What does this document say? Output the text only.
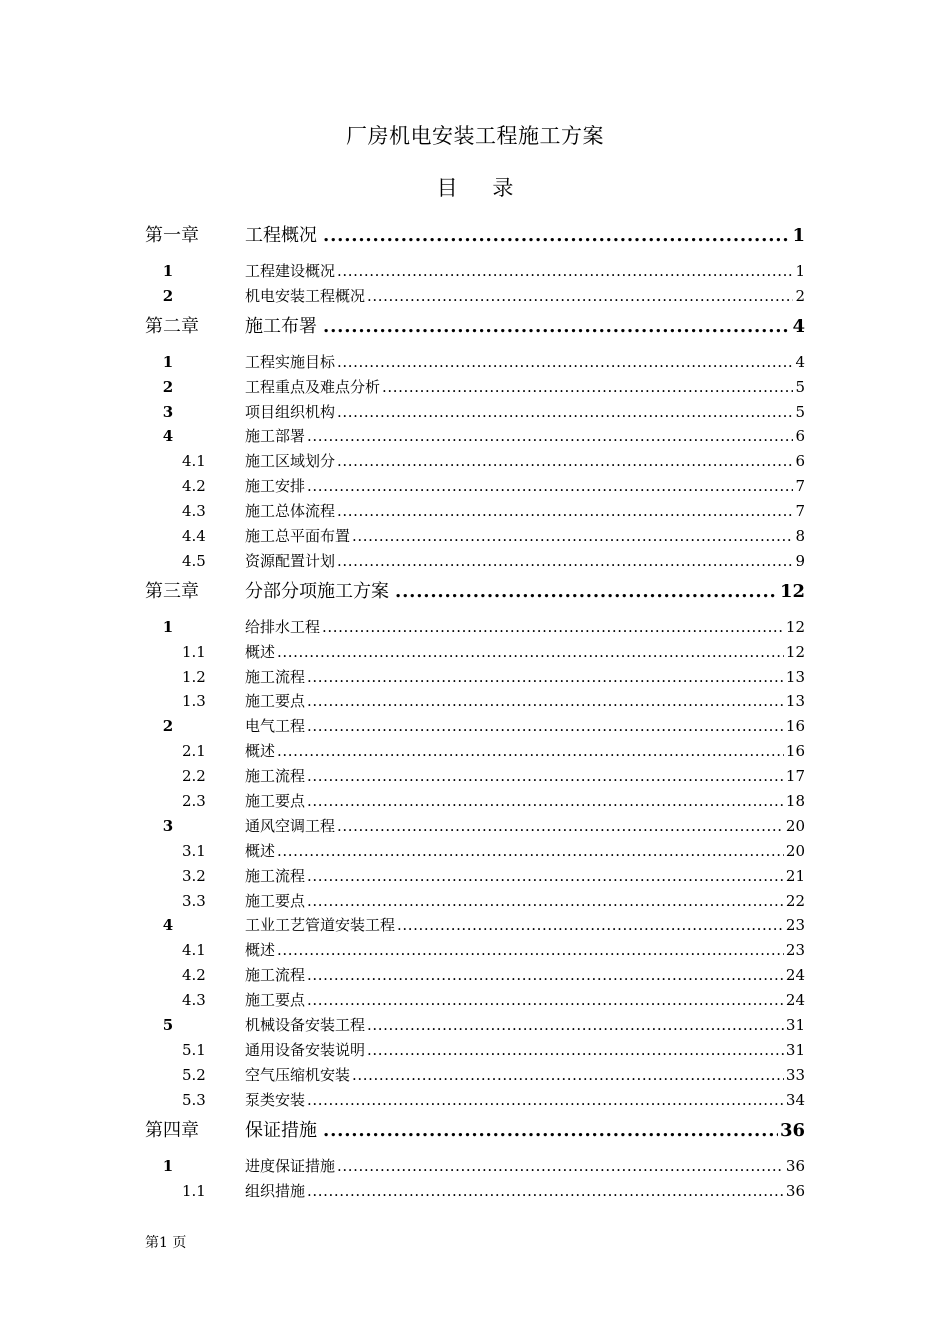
厂房机电安装工程施工方案
目 录
第一章	工程概况 .....	1
1	工程建设概况 .....	1
2	机电安装工程概况 .....	2
第二章	施工布署 .....	4
1	工程实施目标 .....	4
2	工程重点及难点分析 .....	5
3	项目组织机构 .....	5
4	施工部署 .....	6
4.1	施工区域划分 .....	6
4.2	施工安排 .....	7
4.3	施工总体流程 .....	7
4.4	施工总平面布置 .....	8
4.5	资源配置计划 .....	9
第三章	分部分项施工方案 .....	12
1	给排水工程 .....	12
1.1	概述 .....	12
1.2	施工流程 .....	13
1.3	施工要点 .....	13
2	电气工程 .....	16
2.1	概述 .....	16
2.2	施工流程 .....	17
2.3	施工要点 .....	18
3	通风空调工程 .....	20
3.1	概述 .....	20
3.2	施工流程 .....	21
3.3	施工要点 .....	22
4	工业工艺管道安装工程 .....	23
4.1	概述 .....	23
4.2	施工流程 .....	24
4.3	施工要点 .....	24
5	机械设备安装工程 .....	31
5.1	通用设备安装说明 .....	31
5.2	空气压缩机安装 .....	33
5.3	泵类安装 .....	34
第四章	保证措施 .....	36
1	进度保证措施 .....	36
1.1	组织措施 .....	36
第1 页
